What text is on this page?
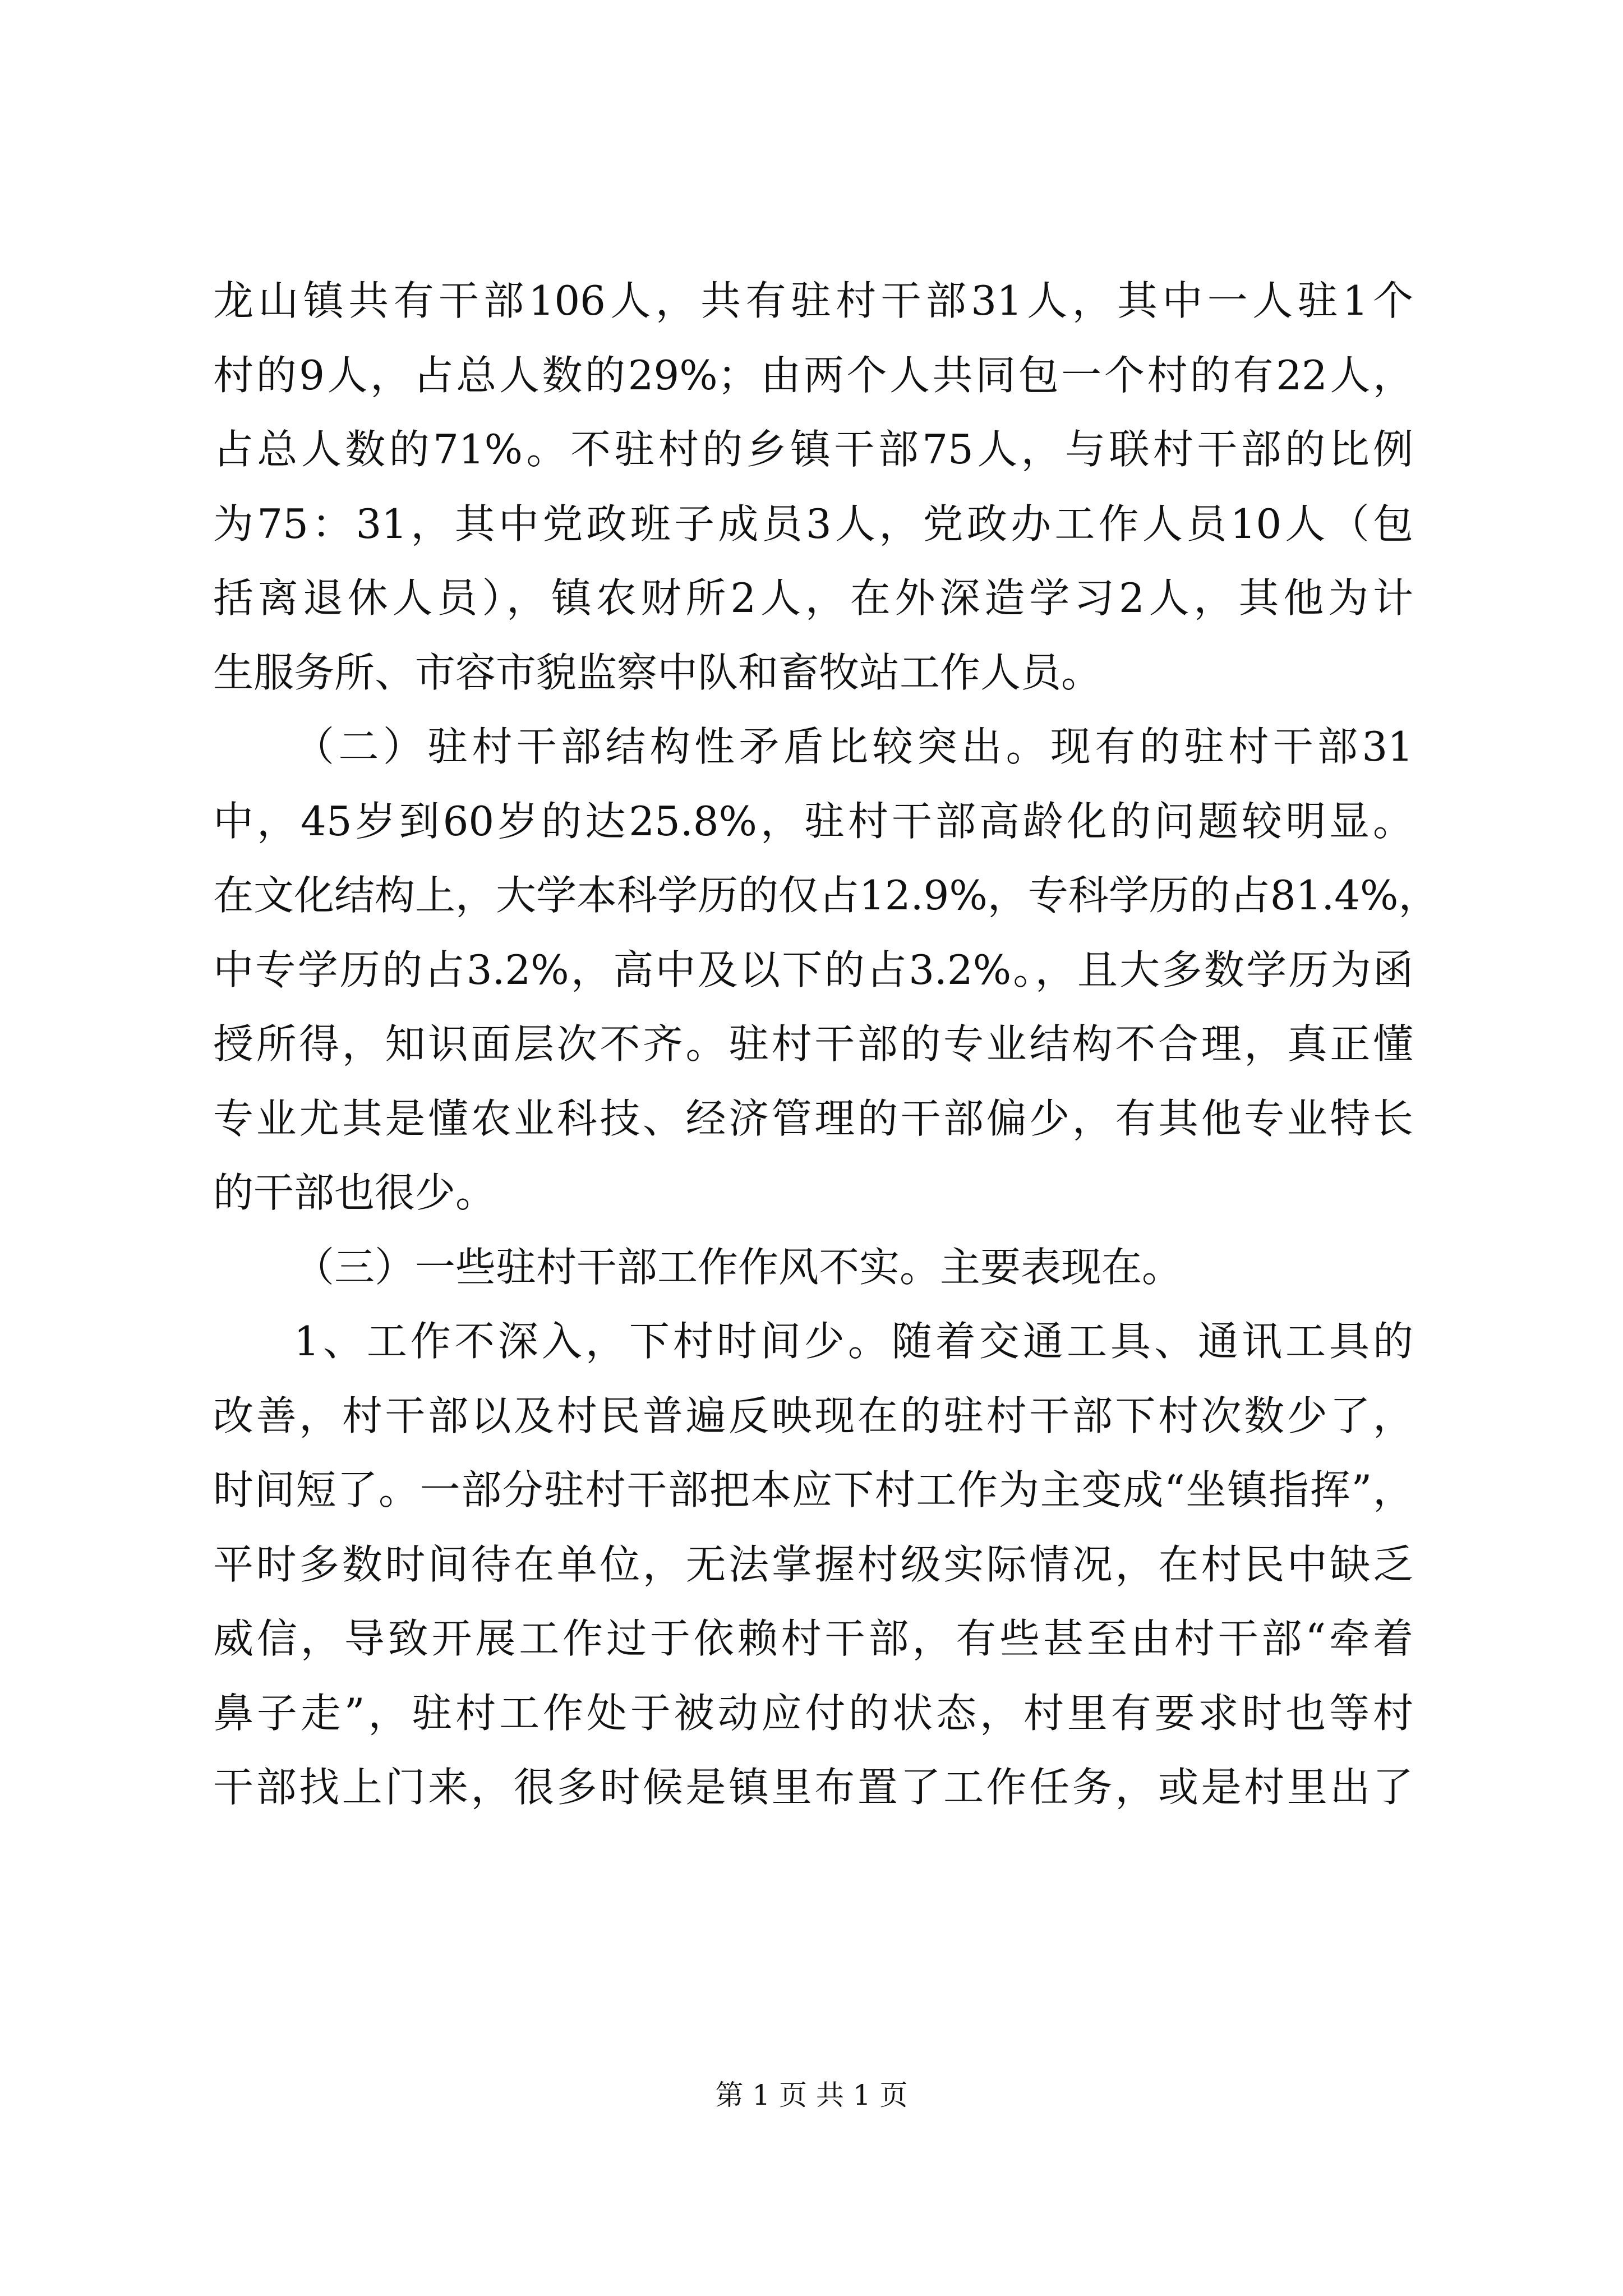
龙山镇共有干部106人，共有驻村干部31人，其中一人驻1个
村的9人，占总人数的29%；由两个人共同包一个村的有22人，
占总人数的71%。不驻村的乡镇干部75人，与联村干部的比例
为75：31，其中党政班子成员3人，党政办工作人员10人（包
括离退休人员），镇农财所2人，在外深造学习2人，其他为计
生服务所、市容市貌监察中队和畜牧站工作人员。
（二）驻村干部结构性矛盾比较突出。现有的驻村干部31
中，45岁到60岁的达25.8%，驻村干部高龄化的问题较明显。
在文化结构上，大学本科学历的仅占12.9%，专科学历的占81.4%，
中专学历的占3.2%，高中及以下的占3.2%。，且大多数学历为函
授所得，知识面层次不齐。驻村干部的专业结构不合理，真正懂
专业尤其是懂农业科技、经济管理的干部偏少，有其他专业特长
的干部也很少。
（三）一些驻村干部工作作风不实。主要表现在。
1、工作不深入，下村时间少。随着交通工具、通讯工具的
改善，村干部以及村民普遍反映现在的驻村干部下村次数少了，
时间短了。一部分驻村干部把本应下村工作为主变成“坐镇指挥”，
平时多数时间待在单位，无法掌握村级实际情况，在村民中缺乏
威信，导致开展工作过于依赖村干部，有些甚至由村干部“牵着
鼻子走”，驻村工作处于被动应付的状态，村里有要求时也等村
干部找上门来，很多时候是镇里布置了工作任务，或是村里出了
第 1 页 共 1 页
